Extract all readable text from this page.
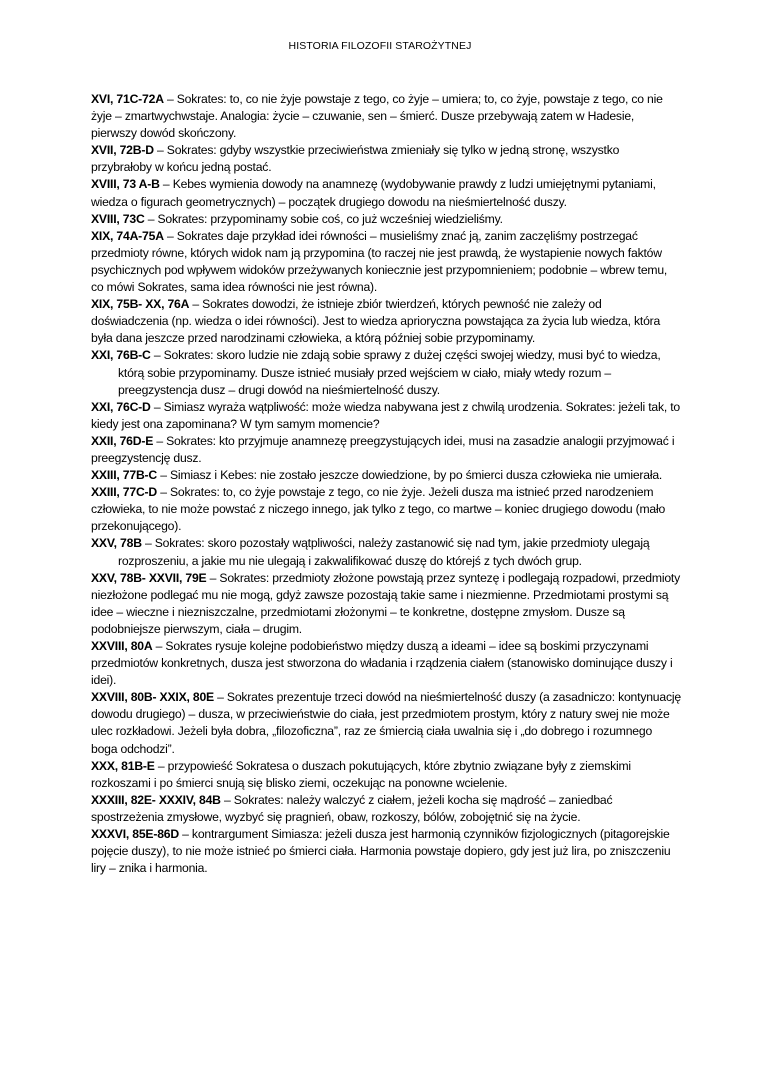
HISTORIA FILOZOFII STAROŻYTNEJ

XVI, 71C-72A – Sokrates: to, co nie żyje powstaje z tego, co żyje – umiera; to, co żyje, powstaje z tego, co nie żyje – zmartwychwstaje. Analogia: życie – czuwanie, sen – śmierć. Dusze przebywają zatem w Hadesie, pierwszy dowód skończony.

XVII, 72B-D – Sokrates: gdyby wszystkie przeciwieństwa zmieniały się tylko w jedną stronę, wszystko przybrałoby w końcu jedną postać.

XVIII, 73 A-B – Kebes wymienia dowody na anamnezę (wydobywanie prawdy z ludzi umiejętnymi pytaniami, wiedza o figurach geometrycznych) – początek drugiego dowodu na nieśmiertelność duszy.

XVIII, 73C – Sokrates: przypominamy sobie coś, co już wcześniej wiedzieliśmy.

XIX, 74A-75A – Sokrates daje przykład idei równości – musieliśmy znać ją, zanim zaczęliśmy postrzegać przedmioty równe, których widok nam ją przypomina (to raczej nie jest prawdą, że wystapienie nowych faktów psychicznych pod wpływem widoków przeżywanych koniecznie jest przypomnieniem; podobnie – wbrew temu, co mówi Sokrates, sama idea równości nie jest równa).

XIX, 75B- XX, 76A – Sokrates dowodzi, że istnieje zbiór twierdzeń, których pewność nie zależy od doświadczenia (np. wiedza o idei równości). Jest to wiedza aprioryczna powstająca za życia lub wiedza, która była dana jeszcze przed narodzinami człowieka, a którą później sobie przypominamy.

XXI, 76B-C – Sokrates: skoro ludzie nie zdają sobie sprawy z dużej części swojej wiedzy, musi być to wiedza, którą sobie przypominamy. Dusze istnieć musiały przed wejściem w ciało, miały wtedy rozum – preegzystencja dusz – drugi dowód na nieśmiertelność duszy.

XXI, 76C-D – Simiasz wyraża wątpliwość: może wiedza nabywana jest z chwilą urodzenia. Sokrates: jeżeli tak, to kiedy jest ona zapominana? W tym samym momencie?

XXII, 76D-E – Sokrates: kto przyjmuje anamnezę preegzystujących idei, musi na zasadzie analogii przyjmować i preegzystencję dusz.

XXIII, 77B-C – Simiasz i Kebes: nie zostało jeszcze dowiedzione, by po śmierci dusza człowieka nie umierała.

XXIII, 77C-D – Sokrates: to, co żyje powstaje z tego, co nie żyje. Jeżeli dusza ma istnieć przed narodzeniem człowieka, to nie może powstać z niczego innego, jak tylko z tego, co martwe – koniec drugiego dowodu (mało przekonującego).

XXV, 78B – Sokrates: skoro pozostały wątpliwości, należy zastanowić się nad tym, jakie przedmioty ulegają rozproszeniu, a jakie mu nie ulegają i zakwalifikować duszę do którejś z tych dwóch grup.

XXV, 78B- XXVII, 79E – Sokrates: przedmioty złożone powstają przez syntezę i podlegają rozpadowi, przedmioty niezłożone podlegać mu nie mogą, gdyż zawsze pozostają takie same i niezmienne. Przedmiotami prostymi są idee – wieczne i niezniszczalne, przedmiotami złożonymi – te konkretne, dostępne zmysłom. Dusze są podobniejsze pierwszym, ciała – drugim.

XXVIII, 80A – Sokrates rysuje kolejne podobieństwo między duszą a ideami – idee są boskimi przyczynami przedmiotów konkretnych, dusza jest stworzona do władania i rządzenia ciałem (stanowisko dominujące duszy i idei).

XXVIII, 80B- XXIX, 80E – Sokrates prezentuje trzeci dowód na nieśmiertelność duszy (a zasadniczo: kontynuację dowodu drugiego) – dusza, w przeciwieństwie do ciała, jest przedmiotem prostym, który z natury swej nie może ulec rozkładowi. Jeżeli była dobra, „filozoficzna”, raz ze śmiercią ciała uwalnia się i „do dobrego i rozumnego boga odchodzi”.

XXX, 81B-E – przypowieść Sokratesa o duszach pokutujących, które zbytnio związane były z ziemskimi rozkoszami i po śmierci snują się blisko ziemi, oczekując na ponowne wcielenie.

XXXIII, 82E- XXXIV, 84B – Sokrates: należy walczyć z ciałem, jeżeli kocha się mądrość – zaniedbać spostrzeżenia zmysłowe, wyzbyć się pragnień, obaw, rozkoszy, bólów, zobojętnić się na życie.

XXXVI, 85E-86D – kontrargument Simiasza: jeżeli dusza jest harmonią czynników fizjologicznych (pitagorejskie pojęcie duszy), to nie może istnieć po śmierci ciała. Harmonia powstaje dopiero, gdy jest już lira, po zniszczeniu liry – znika i harmonia.
